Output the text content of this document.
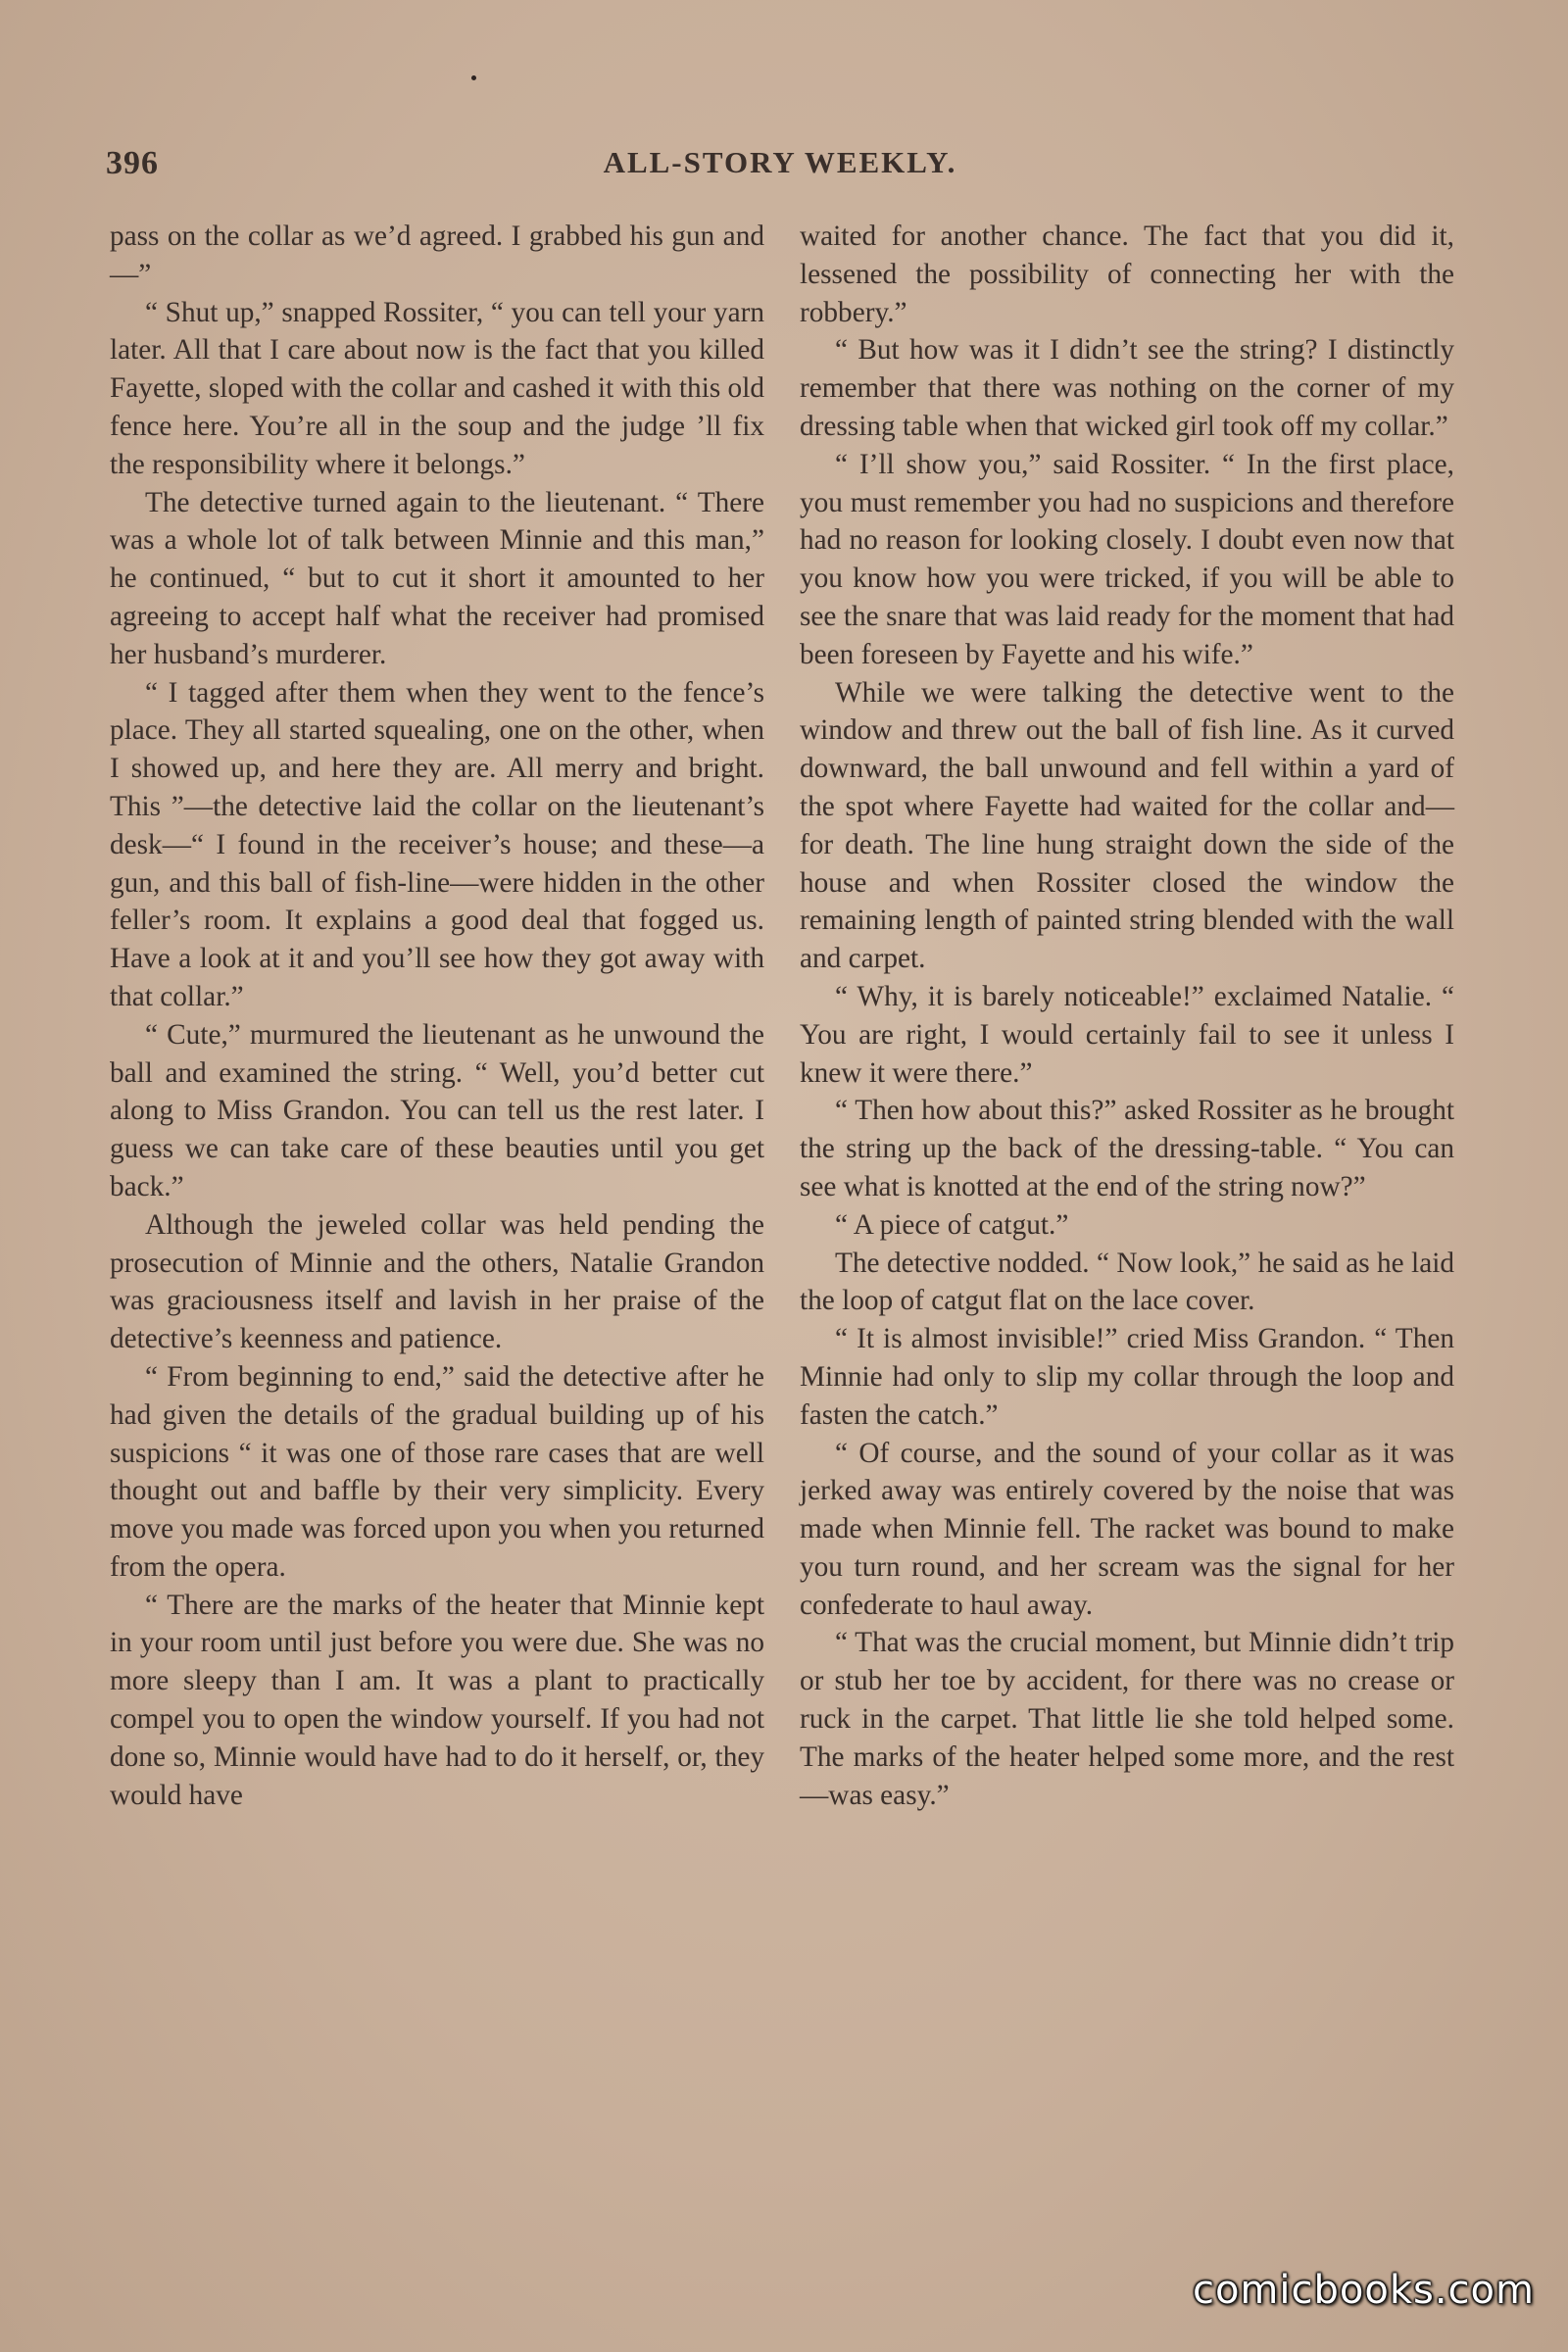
396	ALL-STORY WEEKLY.

pass on the collar as we’d agreed. I grabbed his gun and—”

“ Shut up,” snapped Rossiter, “ you can tell your yarn later. All that I care about now is the fact that you killed Fayette, sloped with the collar and cashed it with this old fence here. You’re all in the soup and the judge ’ll fix the responsibility where it belongs.”

The detective turned again to the lieutenant. “ There was a whole lot of talk between Minnie and this man,” he continued, “ but to cut it short it amounted to her agreeing to accept half what the receiver had promised her husband’s murderer.

“ I tagged after them when they went to the fence’s place. They all started squealing, one on the other, when I showed up, and here they are. All merry and bright. This ”—the detective laid the collar on the lieutenant’s desk—“ I found in the receiver’s house; and these—a gun, and this ball of fish-line—were hidden in the other feller’s room. It explains a good deal that fogged us. Have a look at it and you’ll see how they got away with that collar.”

“ Cute,” murmured the lieutenant as he unwound the ball and examined the string. “ Well, you’d better cut along to Miss Grandon. You can tell us the rest later. I guess we can take care of these beauties until you get back.”

Although the jeweled collar was held pending the prosecution of Minnie and the others, Natalie Grandon was graciousness itself and lavish in her praise of the detective’s keenness and patience.

“ From beginning to end,” said the detective after he had given the details of the gradual building up of his suspicions “ it was one of those rare cases that are well thought out and baffle by their very simplicity. Every move you made was forced upon you when you returned from the opera.

“ There are the marks of the heater that Minnie kept in your room until just before you were due. She was no more sleepy than I am. It was a plant to practically compel you to open the window yourself. If you had not done so, Minnie would have had to do it herself, or, they would have

waited for another chance. The fact that you did it, lessened the possibility of connecting her with the robbery.”

“ But how was it I didn’t see the string? I distinctly remember that there was nothing on the corner of my dressing table when that wicked girl took off my collar.”

“ I’ll show you,” said Rossiter. “ In the first place, you must remember you had no suspicions and therefore had no reason for looking closely. I doubt even now that you know how you were tricked, if you will be able to see the snare that was laid ready for the moment that had been foreseen by Fayette and his wife.”

While we were talking the detective went to the window and threw out the ball of fish line. As it curved downward, the ball unwound and fell within a yard of the spot where Fayette had waited for the collar and—for death. The line hung straight down the side of the house and when Rossiter closed the window the remaining length of painted string blended with the wall and carpet.

“ Why, it is barely noticeable!” exclaimed Natalie. “ You are right, I would certainly fail to see it unless I knew it were there.”

“ Then how about this?” asked Rossiter as he brought the string up the back of the dressing-table. “ You can see what is knotted at the end of the string now?”

“ A piece of catgut.”

The detective nodded. “ Now look,” he said as he laid the loop of catgut flat on the lace cover.

“ It is almost invisible!” cried Miss Grandon. “ Then Minnie had only to slip my collar through the loop and fasten the catch.”

“ Of course, and the sound of your collar as it was jerked away was entirely covered by the noise that was made when Minnie fell. The racket was bound to make you turn round, and her scream was the signal for her confederate to haul away.

“ That was the crucial moment, but Minnie didn’t trip or stub her toe by accident, for there was no crease or ruck in the carpet. That little lie she told helped some. The marks of the heater helped some more, and the rest—was easy.”

comicbooks.com
